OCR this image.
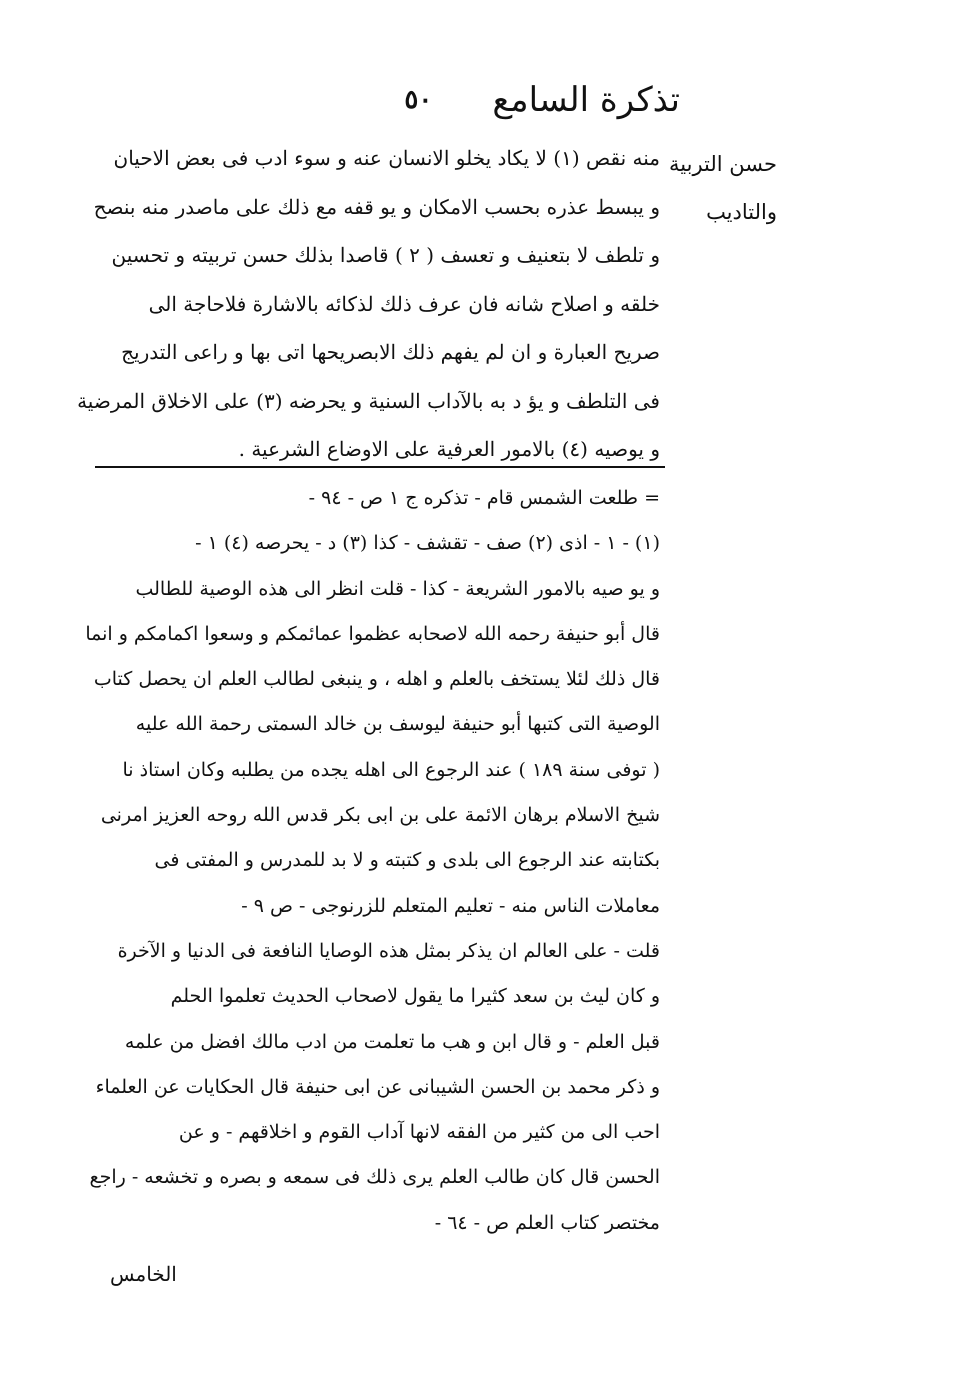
تذكرة السامع
٥٠
حسن التربية
والتاديب
منه نقص (١) لا يكاد يخلو الانسان عنه و سوء ادب فى بعض الاحيان
و يبسط عذره بحسب الامكان و يو قفه مع ذلك على ماصدر منه بنصح
و تلطف لا بتعنيف و تعسف ( ٢ ) قاصدا بذلك حسن تربيته و تحسين
خلقه و اصلاح شانه فان عرف ذلك لذكائه بالاشارة فلاحاجة الى
صريح العبارة و ان لم يفهم ذلك الابصريحها اتى بها و راعى التدريج
فى التلطف و يؤ د به بالآداب السنية و يحرضه (٣) على الاخلاق المرضية
و يوصيه (٤) بالامور العرفية على الاوضاع الشرعية .
= طلعت الشمس قام - تذكره ج ١ ص - ٩٤ -
(١) - ١ - اذى (٢) صف - تقشف - كذا (٣) د - يحرصه (٤) ١ -
و يو صيه بالامور الشريعة - كذا - قلت انظر الى هذه الوصية للطالب
قال أبو حنيفة رحمه الله لاصحابه عظموا عمائمكم و وسعوا اكمامكم و انما
قال ذلك لئلا يستخف بالعلم و اهله ، و ينبغى لطالب العلم ان يحصل كتاب
الوصية التى كتبها أبو حنيفة ليوسف بن خالد السمتى رحمة الله عليه
( توفى سنة ١٨٩ ) عند الرجوع الى اهله يجده من يطلبه وكان استاذ نا
شيخ الاسلام برهان الائمة على بن ابى بكر قدس الله روحه العزيز امرنى
بكتابته عند الرجوع الى بلدى و كتبته و لا بد للمدرس و المفتى فى
معاملات الناس منه - تعليم المتعلم للزرنوجى - ص ٩ -
قلت - على العالم ان يذكر بمثل هذه الوصايا النافعة فى الدنيا و الآخرة
و كان ليث بن سعد كثيرا ما يقول لاصحاب الحديث تعلموا الحلم
قبل العلم - و قال ابن و هب ما تعلمت من ادب مالك افضل من علمه
و ذكر محمد بن الحسن الشيبانى عن ابى حنيفة قال الحكايات عن العلماء
احب الى من كثير من الفقه لانها آداب القوم و اخلاقهم - و عن
الحسن قال كان طالب العلم يرى ذلك فى سمعه و بصره و تخشعه - راجع
مختصر كتاب العلم ص - ٦٤ -
الخامس
